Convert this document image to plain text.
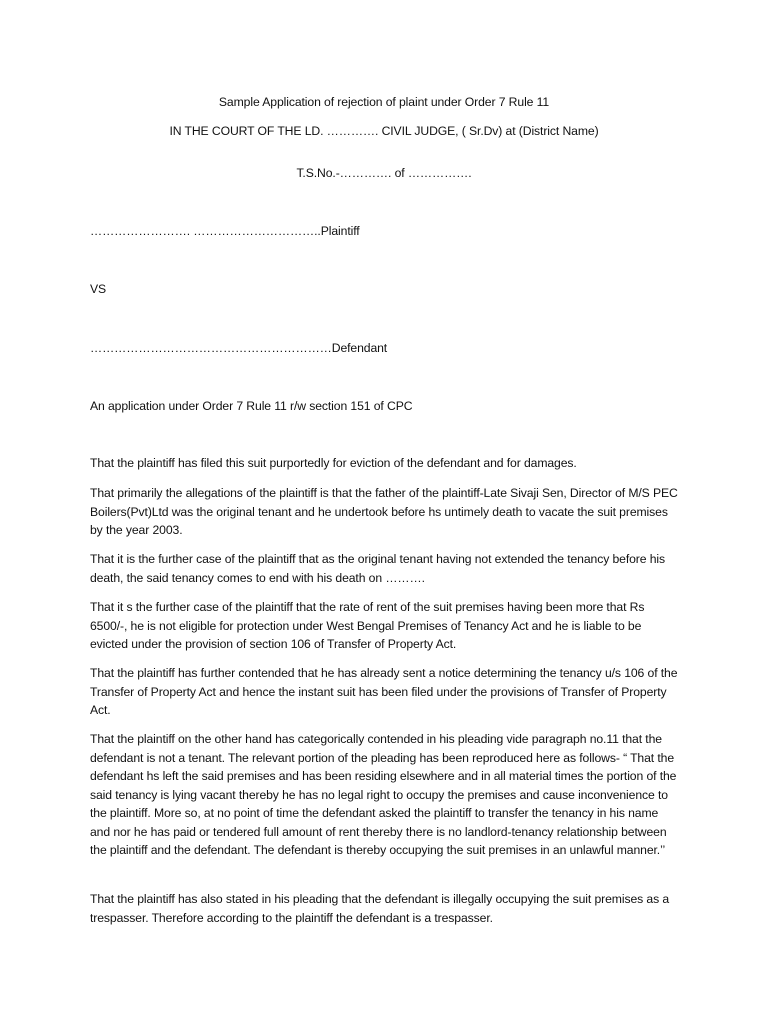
Sample Application of rejection of plaint under Order 7 Rule 11
IN THE COURT OF THE LD. …………. CIVIL JUDGE, ( Sr.Dv) at (District Name)
T.S.No.-…………. of …………….
……………………. …………………………..Plaintiff
VS
……………………………………………………Defendant
An application under Order 7 Rule 11 r/w section 151 of CPC
That the plaintiff has filed this suit purportedly for eviction of the defendant and for damages.
That primarily the allegations of the plaintiff is that the father of the plaintiff-Late Sivaji Sen, Director of M/S PEC Boilers(Pvt)Ltd was the original tenant and he undertook before hs untimely death to vacate the suit premises by the year 2003.
That it is the further case of the plaintiff that as the original tenant having not extended the tenancy before his death, the said tenancy comes to end with his death on ……….
That it s the further case of the plaintiff that the rate of rent of the suit premises having been more that Rs 6500/-, he is not eligible for protection under West Bengal Premises of Tenancy Act and he is liable to be evicted under the provision of section 106 of Transfer of Property Act.
That the plaintiff has further contended that he has already sent a notice determining the tenancy u/s 106 of the Transfer of Property Act and hence the instant suit has been filed under the provisions of Transfer of Property Act.
That the plaintiff on the other hand has categorically contended in his pleading vide paragraph no.11 that the defendant is not a tenant. The relevant portion of the pleading has been reproduced here as follows- “ That the defendant hs left the said premises and has been residing elsewhere and in all material times the portion of the said tenancy is lying vacant thereby he has no legal right to occupy the premises and cause inconvenience to the plaintiff. More so, at no point of time the defendant asked the plaintiff to transfer the tenancy in his name and nor he has paid or tendered full amount of rent thereby there is no landlord-tenancy relationship between the plaintiff and the defendant. The defendant is thereby occupying the suit premises in an unlawful manner.’’
That the plaintiff has also stated in his pleading that the defendant is illegally occupying the suit premises as a trespasser. Therefore according to the plaintiff the defendant is a trespasser.
